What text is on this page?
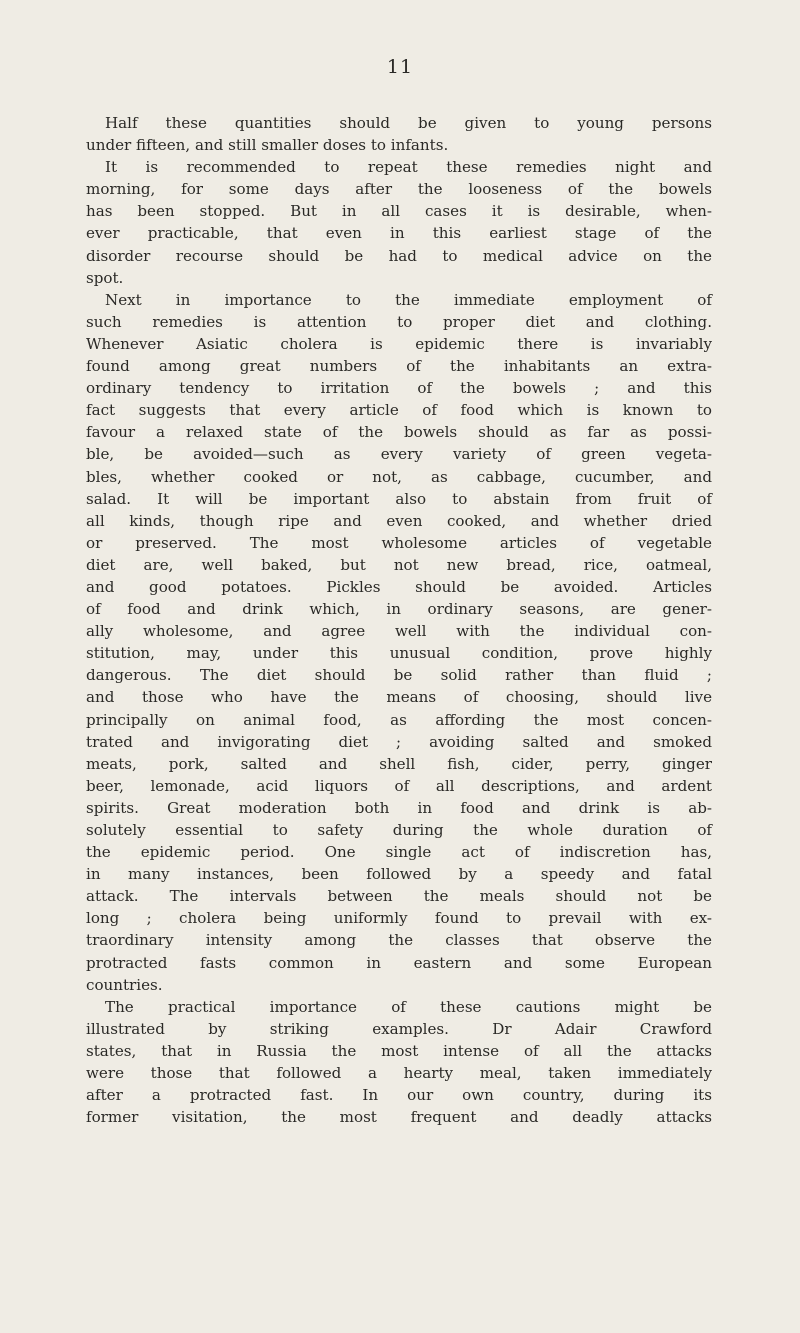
11
Half these quantities should be given to young persons
under fifteen, and still smaller doses to infants.
It is recommended to repeat these remedies night and
morning, for some days after the looseness of the bowels
has been stopped. But in all cases it is desirable, when-
ever practicable, that even in this earliest stage of the
disorder recourse should be had to medical advice on the
spot.
Next in importance to the immediate employment of
such remedies is attention to proper diet and clothing.
Whenever Asiatic cholera is epidemic there is invariably
found among great numbers of the inhabitants an extra-
ordinary tendency to irritation of the bowels ; and this
fact suggests that every article of food which is known to
favour a relaxed state of the bowels should as far as possi-
ble, be avoided—such as every variety of green vegeta-
bles, whether cooked or not, as cabbage, cucumber, and
salad. It will be important also to abstain from fruit of
all kinds, though ripe and even cooked, and whether dried
or preserved. The most wholesome articles of vegetable
diet are, well baked, but not new bread, rice, oatmeal,
and good potatoes. Pickles should be avoided. Articles
of food and drink which, in ordinary seasons, are gener-
ally wholesome, and agree well with the individual con-
stitution, may, under this unusual condition, prove highly
dangerous. The diet should be solid rather than fluid ;
and those who have the means of choosing, should live
principally on animal food, as affording the most concen-
trated and invigorating diet ; avoiding salted and smoked
meats, pork, salted and shell fish, cider, perry, ginger
beer, lemonade, acid liquors of all descriptions, and ardent
spirits. Great moderation both in food and drink is ab-
solutely essential to safety during the whole duration of
the epidemic period. One single act of indiscretion has,
in many instances, been followed by a speedy and fatal
attack. The intervals between the meals should not be
long ; cholera being uniformly found to prevail with ex-
traordinary intensity among the classes that observe the
protracted fasts common in eastern and some European
countries.
The practical importance of these cautions might be
illustrated by striking examples. Dr Adair Crawford
states, that in Russia the most intense of all the attacks
were those that followed a hearty meal, taken immediately
after a protracted fast. In our own country, during its
former visitation, the most frequent and deadly attacks
